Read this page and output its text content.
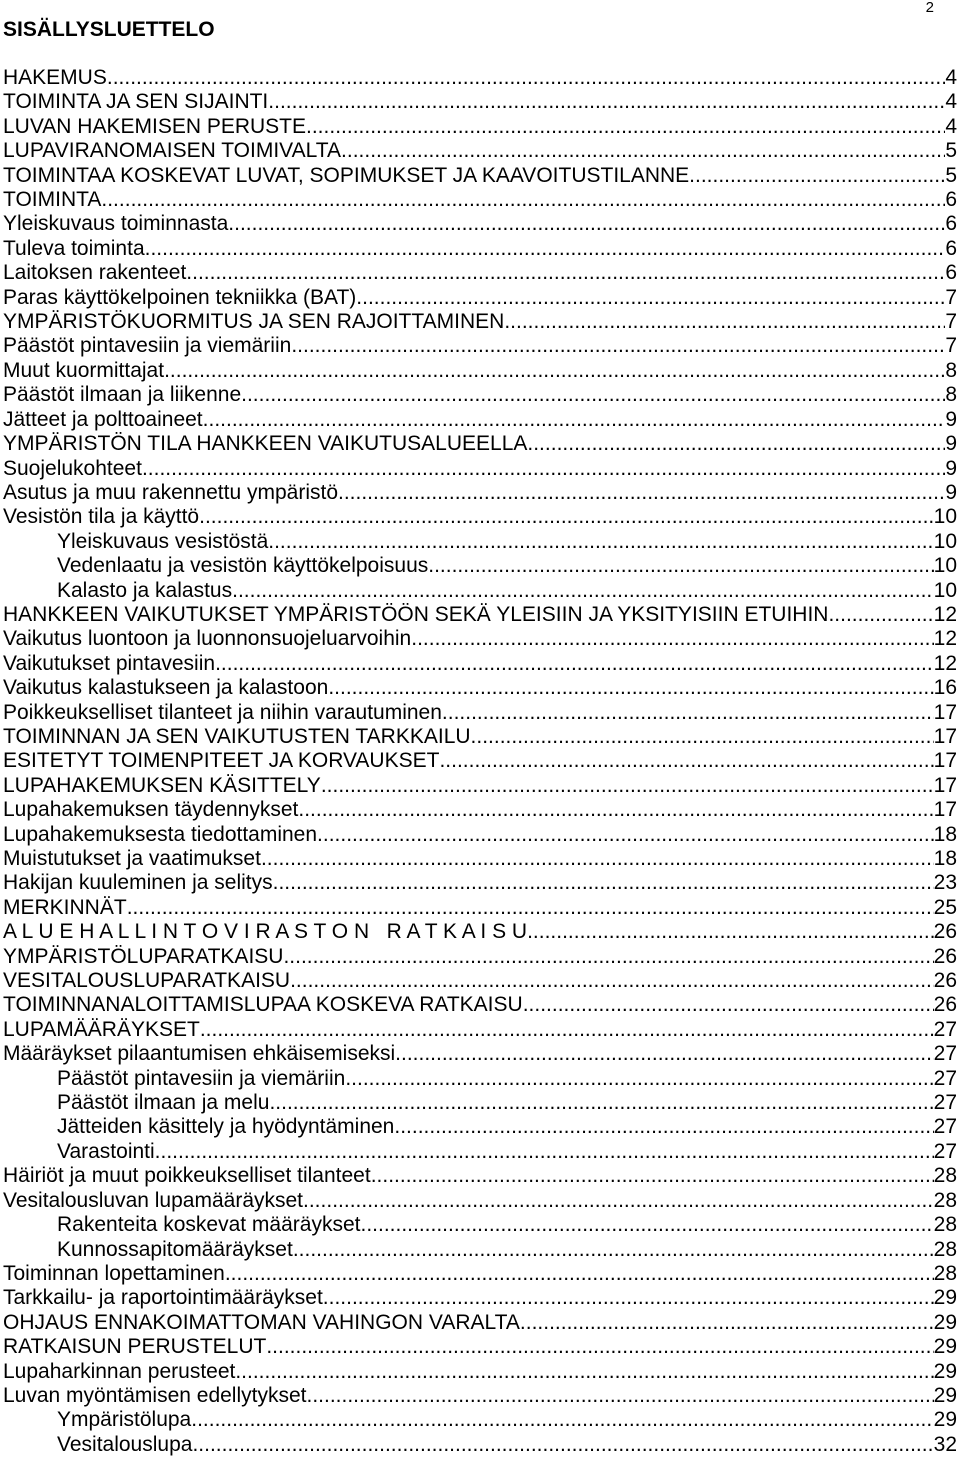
2
SISÄLLYSLUETTELO
HAKEMUS .....	4
TOIMINTA JA SEN SIJAINTI .....	4
LUVAN HAKEMISEN PERUSTE .....	4
LUPAVIRANOMAISEN TOIMIVALTA .....	5
TOIMINTAA KOSKEVAT LUVAT, SOPIMUKSET JA KAAVOITUSTILANNE .....	5
TOIMINTA .....	6
Yleiskuvaus toiminnasta .....	6
Tuleva toiminta .....	6
Laitoksen rakenteet .....	6
Paras käyttökelpoinen tekniikka (BAT) .....	7
YMPÄRISTÖKUORMITUS JA SEN RAJOITTAMINEN .....	7
Päästöt pintavesiin ja viemäriin .....	7
Muut kuormittajat .....	8
Päästöt ilmaan ja liikenne .....	8
Jätteet ja polttoaineet .....	9
YMPÄRISTÖN TILA HANKKEEN VAIKUTUSALUEELLA .....	9
Suojelukohteet .....	9
Asutus ja muu rakennettu ympäristö .....	9
Vesistön tila ja käyttö .....	10
Yleiskuvaus vesistöstä .....	10
Vedenlaatu ja vesistön käyttökelpoisuus .....	10
Kalasto ja kalastus .....	10
HANKKEEN VAIKUTUKSET YMPÄRISTÖÖN SEKÄ YLEISIIN JA YKSITYISIIN ETUIHIN .....	12
Vaikutus luontoon ja luonnonsuojeluarvoihin .....	12
Vaikutukset pintavesiin .....	12
Vaikutus kalastukseen ja kalastoon .....	16
Poikkeukselliset tilanteet ja niihin varautuminen .....	17
TOIMINNAN JA SEN VAIKUTUSTEN TARKKAILU .....	17
ESITETYT TOIMENPITEET JA KORVAUKSET .....	17
LUPAHAKEMUKSEN KÄSITTELY .....	17
Lupahakemuksen täydennykset .....	17
Lupahakemuksesta tiedottaminen .....	18
Muistutukset ja vaatimukset .....	18
Hakijan kuuleminen ja selitys .....	23
MERKINNÄT .....	25
A L U E H A L L I N T O V I R A S T O N   R A T K A I S U .....	26
YMPÄRISTÖLUPARATKAISU .....	26
VESITALOUSLUPARATKAISU .....	26
TOIMINNANALOITTAMISLUPAA KOSKEVA RATKAISU .....	26
LUPAMÄÄRÄYKSET .....	27
Määräykset pilaantumisen ehkäisemiseksi .....	27
Päästöt pintavesiin ja viemäriin .....	27
Päästöt ilmaan ja melu .....	27
Jätteiden käsittely ja hyödyntäminen .....	27
Varastointi .....	27
Häiriöt ja muut poikkeukselliset tilanteet .....	28
Vesitalousluvan lupamääräykset .....	28
Rakenteita koskevat määräykset .....	28
Kunnossapitomääräykset .....	28
Toiminnan lopettaminen .....	28
Tarkkailu- ja raportointimääräykset .....	29
OHJAUS ENNAKOIMATTOMAN VAHINGON VARALTA .....	29
RATKAISUN PERUSTELUT .....	29
Lupaharkinnan perusteet .....	29
Luvan myöntämisen edellytykset .....	29
Ympäristölupa .....	29
Vesitalouslupa .....	32
